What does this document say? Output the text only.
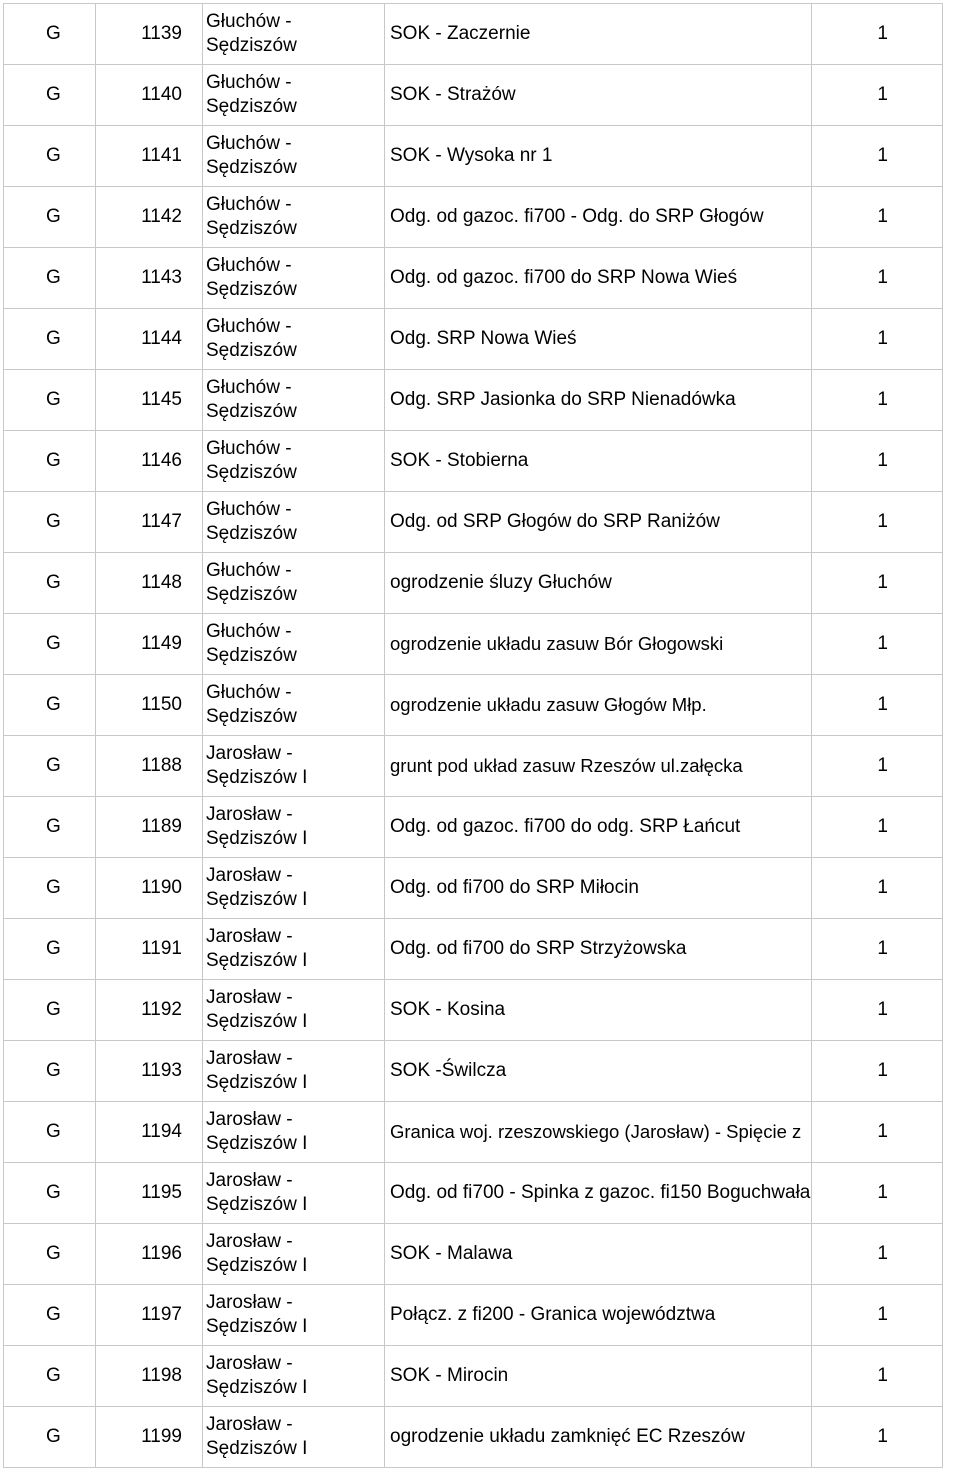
G	1139	Głuchów -
Sędziszów	SOK - Zaczernie	1
G	1140	Głuchów -
Sędziszów	SOK - Strażów	1
G	1141	Głuchów -
Sędziszów	SOK - Wysoka nr 1	1
G	1142	Głuchów -
Sędziszów	Odg. od gazoc. fi700 - Odg. do SRP Głogów	1
G	1143	Głuchów -
Sędziszów	Odg. od gazoc. fi700 do SRP Nowa Wieś	1
G	1144	Głuchów -
Sędziszów	Odg. SRP Nowa Wieś	1
G	1145	Głuchów -
Sędziszów	Odg. SRP Jasionka do SRP Nienadówka	1
G	1146	Głuchów -
Sędziszów	SOK - Stobierna	1
G	1147	Głuchów -
Sędziszów	Odg. od SRP Głogów do SRP Raniżów	1
G	1148	Głuchów -
Sędziszów	ogrodzenie śluzy Głuchów	1
G	1149	Głuchów -
Sędziszów	ogrodzenie układu zasuw Bór Głogowski	1
G	1150	Głuchów -
Sędziszów	ogrodzenie układu zasuw Głogów Młp.	1
G	1188	Jarosław -
Sędziszów I	grunt pod układ zasuw Rzeszów ul.załęcka	1
G	1189	Jarosław -
Sędziszów I	Odg. od gazoc. fi700 do odg. SRP Łańcut	1
G	1190	Jarosław -
Sędziszów I	Odg. od fi700 do SRP Miłocin	1
G	1191	Jarosław -
Sędziszów I	Odg. od fi700 do SRP Strzyżowska	1
G	1192	Jarosław -
Sędziszów I	SOK - Kosina	1
G	1193	Jarosław -
Sędziszów I	SOK -Świlcza	1
G	1194	Jarosław -
Sędziszów I	Granica woj. rzeszowskiego (Jarosław) - Spięcie z	1
G	1195	Jarosław -
Sędziszów I	Odg. od fi700 - Spinka z gazoc. fi150 Boguchwała	1
G	1196	Jarosław -
Sędziszów I	SOK - Malawa	1
G	1197	Jarosław -
Sędziszów I	Połącz. z fi200 - Granica województwa	1
G	1198	Jarosław -
Sędziszów I	SOK - Mirocin	1
G	1199	Jarosław -
Sędziszów I	ogrodzenie układu zamknięć EC Rzeszów	1
